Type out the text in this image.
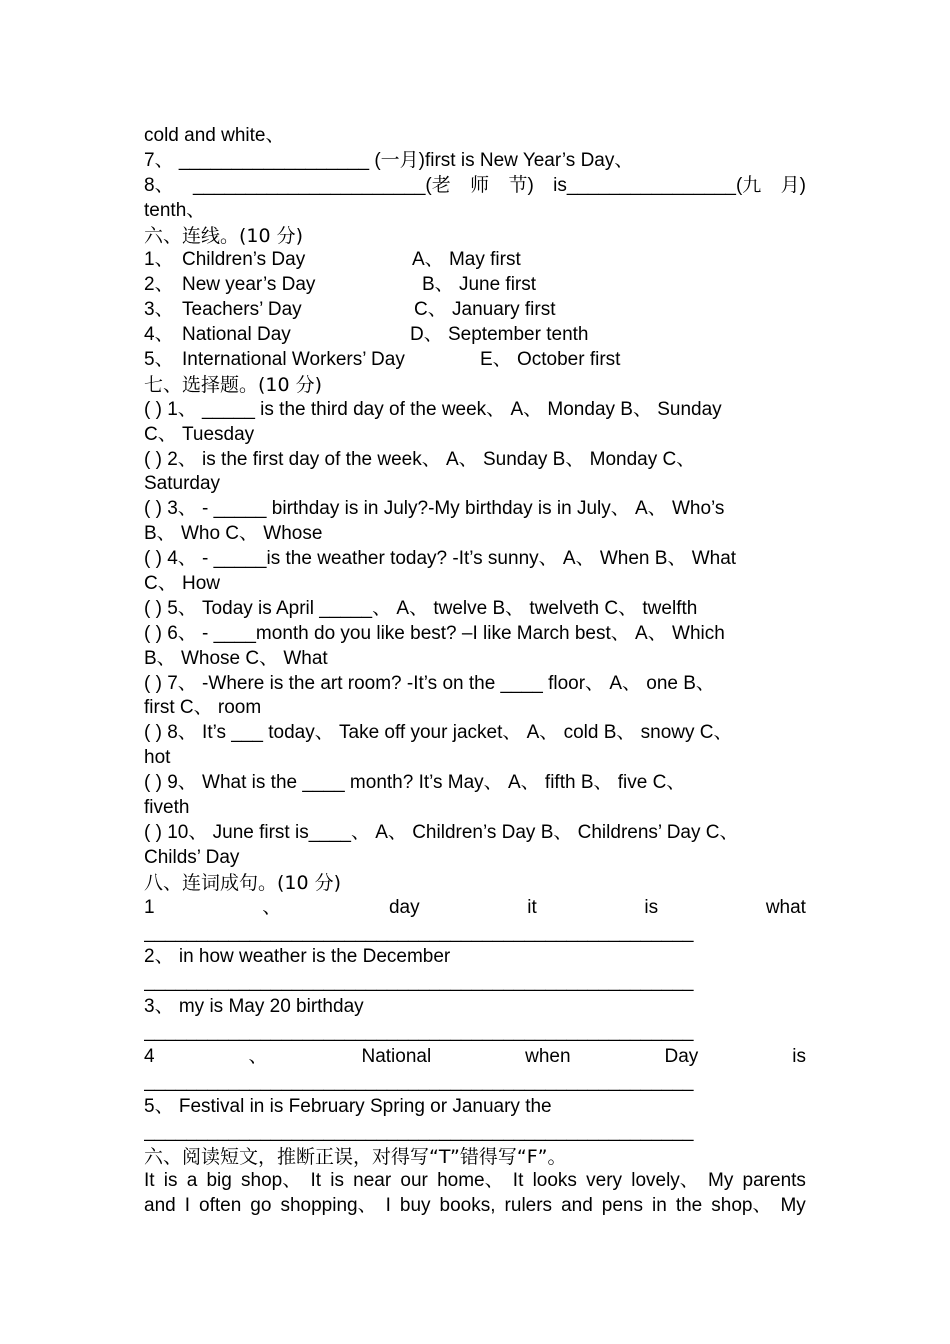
cold and white、
7、 __________________ (一月)first is New Year’s Day、
8、 ______________________(老 师 节) is________________(九 月)
tenth、
六、连线。(10 分)
1、 Children’s Day	A、 May first
2、 New year’s Day	B、 June first
3、 Teachers’ Day	C、 January first
4、 National Day	D、 September tenth
5、 International Workers’ Day	E、 October first
七、选择题。(10 分)
( ) 1、 _____ is the third day of the week、 A、 Monday B、 Sunday
C、 Tuesday
( ) 2、 is the first day of the week、 A、 Sunday B、 Monday C、
Saturday
( ) 3、 - _____ birthday is in July?-My birthday is in July、 A、 Who’s
B、 Who C、 Whose
( ) 4、 - _____is the weather today? -It’s sunny、 A、 When B、 What
C、 How
( ) 5、 Today is April _____、 A、 twelve B、 twelveth C、 twelfth
( ) 6、 - ____month do you like best? –I like March best、 A、 Which
B、 Whose C、 What
( ) 7、 -Where is the art room? -It’s on the ____ floor、 A、 one B、
first C、 room
( ) 8、 It’s ___ today、 Take off your jacket、 A、 cold B、 snowy C、
hot
( ) 9、 What is the ____ month? It’s May、 A、 fifth B、 five C、
fiveth
( ) 10、 June first is____、 A、 Children’s Day B、 Childrens’ Day C、
Childs’ Day
八、连词成句。(10 分)
1	、	day	it	is	what
____________________________________________________
2、 in how weather is the December
____________________________________________________
3、 my is May 20 birthday
____________________________________________________
4	、	National	when	Day	is
____________________________________________________
5、 Festival in is February Spring or January the
____________________________________________________
六、阅读短文，推断正误，对得写“T”错得写“F”。
It is a big shop、 It is near our home、 It looks very lovely、 My parents
and I often go shopping、 I buy books, rulers and pens in the shop、 My
